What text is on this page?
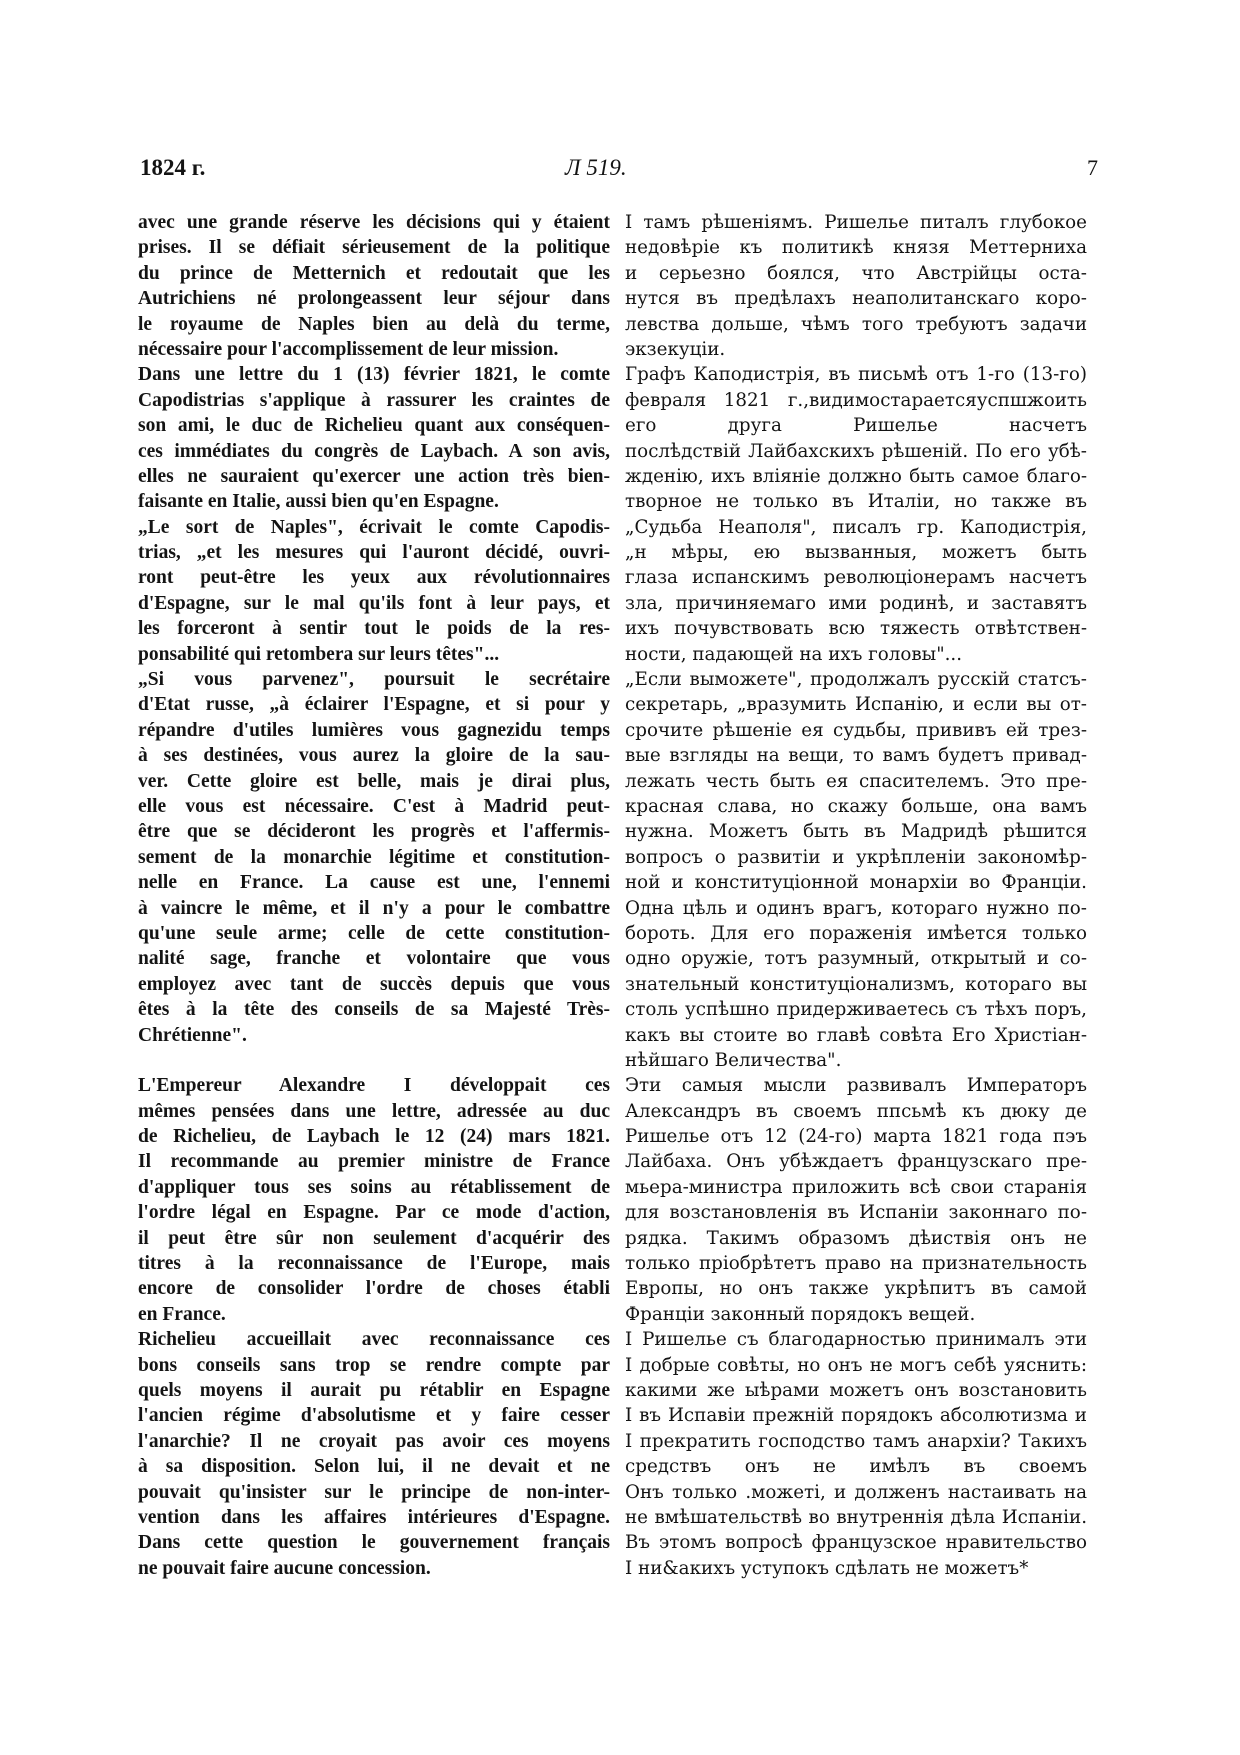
1824 г.	Л 519.	7
avec une grande réserve les décisions qui y étaient
prises. Il se défiait sérieusement de la politique
du prince de Metternich et redoutait que les
Autrichiens né prolongeassent leur séjour dans
le royaume de Naples bien au delà du terme,
nécessaire pour l'accomplissement de leur mission.
Dans une lettre du 1 (13) février 1821, le comte
Capodistrias s'applique à rassurer les craintes de
son ami, le duc de Richelieu quant aux conséquen-
ces immédiates du congrès de Laybach. A son avis,
elles ne sauraient qu'exercer une action très bien-
faisante en Italie, aussi bien qu'en Espagne.
„Le sort de Naples", écrivait le comte Capodis-
trias, „et les mesures qui l'auront décidé, ouvri-
ront peut-être les yeux aux révolutionnaires
d'Espagne, sur le mal qu'ils font à leur pays, et
les forceront à sentir tout le poids de la res-
ponsabilité qui retombera sur leurs têtes"...
„Si vous parvenez", poursuit le secrétaire
d'Etat russe, „à éclairer l'Espagne, et si pour y
répandre d'utiles lumières vous gagnezidu temps
à ses destinées, vous aurez la gloire de la sau-
ver. Cette gloire est belle, mais je dirai plus,
elle vous est nécessaire. C'est à Madrid peut-
être que se décideront les progrès et l'affermis-
sement de la monarchie légitime et constitution-
nelle en France. La cause est une, l'ennemi
à vaincre le même, et il n'y a pour le combattre
qu'une seule arme; celle de cette constitution-
nalité sage, franche et volontaire que vous
employez avec tant de succès depuis que vous
êtes à la tête des conseils de sa Majesté Très-
Chrétienne".
L'Empereur Alexandre I développait ces
mêmes pensées dans une lettre, adressée au duc
de Richelieu, de Laybach le 12 (24) mars 1821.
Il recommande au premier ministre de France
d'appliquer tous ses soins au rétablissement de
l'ordre légal en Espagne. Par ce mode d'action,
il peut être sûr non seulement d'acquérir des
titres à la reconnaissance de l'Europe, mais
encore de consolider l'ordre de choses établi
en France.
Richelieu accueillait avec reconnaissance ces
bons conseils sans trop se rendre compte par
quels moyens il aurait pu rétablir en Espagne
l'ancien régime d'absolutisme et y faire cesser
l'anarchie? Il ne croyait pas avoir ces moyens
à sa disposition. Selon lui, il ne devait et ne
pouvait qu'insister sur le principe de non-inter-
vention dans les affaires intérieures d'Espagne.
Dans cette question le gouvernement français
ne pouvait faire aucune concession.
I тамъ рѣшеніямъ. Ришелье питалъ глубокое
недовѣріе къ политикѣ князя Меттерниха
и серьезно боялся, что Австрійцы оста-
нутся въ предѣлахъ неаполитанскаго коро-
левства дольше, чѣмъ того требуютъ задачи
экзекуціи.
Графъ Каподистрія, въ письмѣ отъ 1-го (13-го)
февраля 1821 г.,видимостараетсяуспшжоить
его друга Ришелье насчетъ
послѣдствій Лайбахскихъ рѣшеній. По его убѣ-
жденію, ихъ вліяніе должно быть самое благо-
творное не только въ Италіи, но также въ
„Судьба Неаполя", писалъ гр. Каподистрія,
„н мѣры, ею вызванныя, можетъ быть
глаза испанскимъ революціонерамъ насчетъ
зла, причиняемаго ими родинѣ, и заставятъ
ихъ почувствовать всю тяжесть отвѣтствен-
ности, падающей на ихъ головы"...
„Если выможете", продолжалъ русскій статсъ-
секретарь, „вразумить Испанію, и если вы от-
срочите рѣшеніе ея судьбы, прививъ ей трез-
вые взгляды на вещи, то вамъ будетъ привад-
лежать честь быть ея спасителемъ. Это пре-
красная слава, но скажу больше, она вамъ
нужна. Можетъ быть въ Мадридѣ рѣшится
вопросъ о развитіи и укрѣпленіи закономѣр-
ной и конституціонной монархіи во Франціи.
Одна цѣль и одинъ врагъ, котораго нужно по-
бороть. Для его пораженія имѣется только
одно оружіе, тотъ разумный, открытый и со-
знательный конституціонализмъ, котораго вы
столь успѣшно придерживаетесь съ тѣхъ поръ,
какъ вы стоите во главѣ совѣта Его Христіан-
нѣйшаго Величества".
Эти самыя мысли развивалъ Императоръ
Александръ въ своемъ ппсьмѣ къ дюку де
Ришелье отъ 12 (24-го) марта 1821 года пэъ
Лайбаха. Онъ убѣждаетъ французскаго пре-
мьера-министра приложить всѣ свои старанія
для возстановленія въ Испаніи законнаго по-
рядка. Такимъ образомъ дѣиствія онъ не
только пріобрѣтетъ право на признательность
Европы, но онъ также укрѣпитъ въ самой
Франціи законный порядокъ вещей.
I Ришелье съ благодарностью принималъ эти
I добрые совѣты, но онъ не могъ себѣ уяснить:
какими же ыѣрами можетъ онъ возстановить
I въ Испавіи прежній порядокъ абсолютизма и
I прекратить господство тамъ анархіи? Такихъ
средствъ онъ не имѣлъ въ своемъ
Онъ только .можеті, и долженъ настаивать на
не вмѣшательствѣ во внутреннія дѣла Испаніи.
Въ этомъ вопросѣ французское нравительство
I ни&акихъ уступокъ сдѣлать не можетъ*
